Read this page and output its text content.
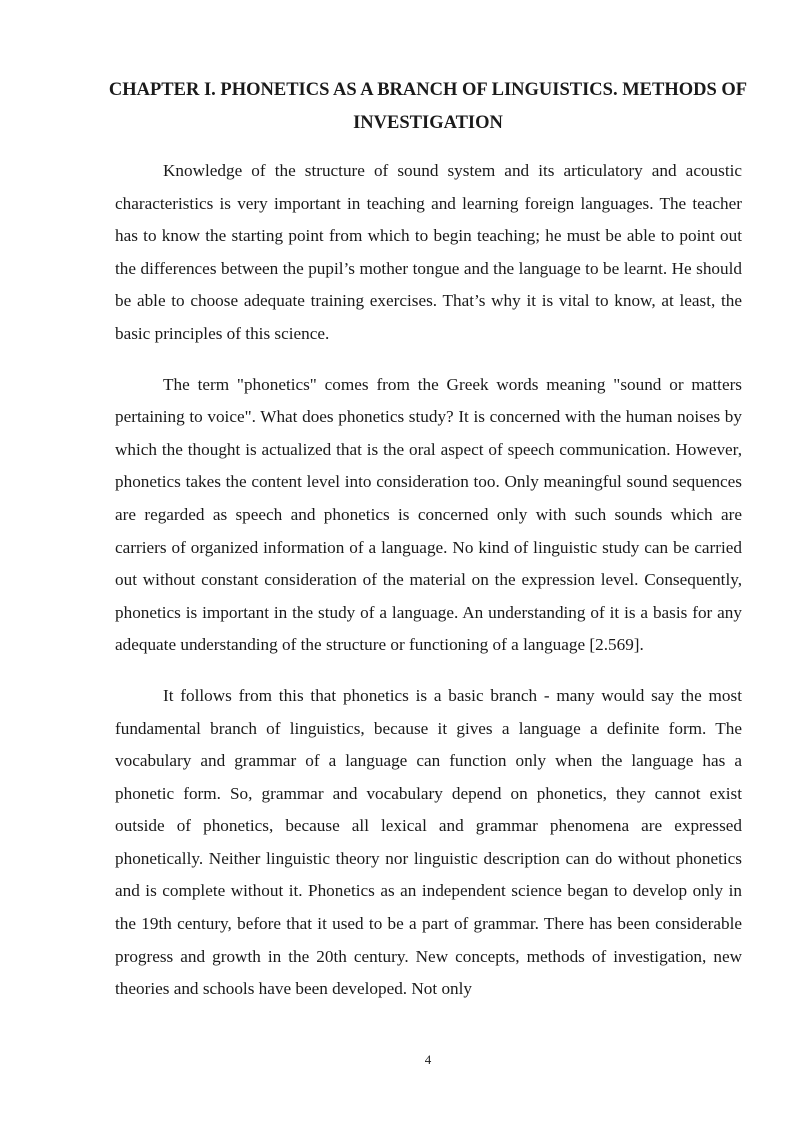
CHAPTER I. PHONETICS AS A BRANCH OF LINGUISTICS. METHODS OF INVESTIGATION

Knowledge of the structure of sound system and its articulatory and acoustic characteristics is very important in teaching and learning foreign languages. The teacher has to know the starting point from which to begin teaching; he must be able to point out the differences between the pupil’s mother tongue and the language to be learnt. He should be able to choose adequate training exercises. That’s why it is vital to know, at least, the basic principles of this science.

The term "phonetics" comes from the Greek words meaning "sound or matters pertaining to voice". What does phonetics study? It is concerned with the human noises by which the thought is actualized that is the oral aspect of speech communication. However, phonetics takes the content level into consideration too. Only meaningful sound sequences are regarded as speech and phonetics is concerned only with such sounds which are carriers of organized information of a language. No kind of linguistic study can be carried out without constant consideration of the material on the expression level. Consequently, phonetics is important in the study of a language. An understanding of it is a basis for any adequate understanding of the structure or functioning of a language [2.569].

It follows from this that phonetics is a basic branch - many would say the most fundamental branch of linguistics, because it gives a language a definite form. The vocabulary and grammar of a language can function only when the language has a phonetic form. So, grammar and vocabulary depend on phonetics, they cannot exist outside of phonetics, because all lexical and grammar phenomena are expressed phonetically. Neither linguistic theory nor linguistic description can do without phonetics and is complete without it. Phonetics as an independent science began to develop only in the 19th century, before that it used to be a part of grammar. There has been considerable progress and growth in the 20th century. New concepts, methods of investigation, new theories and schools have been developed. Not only

4
